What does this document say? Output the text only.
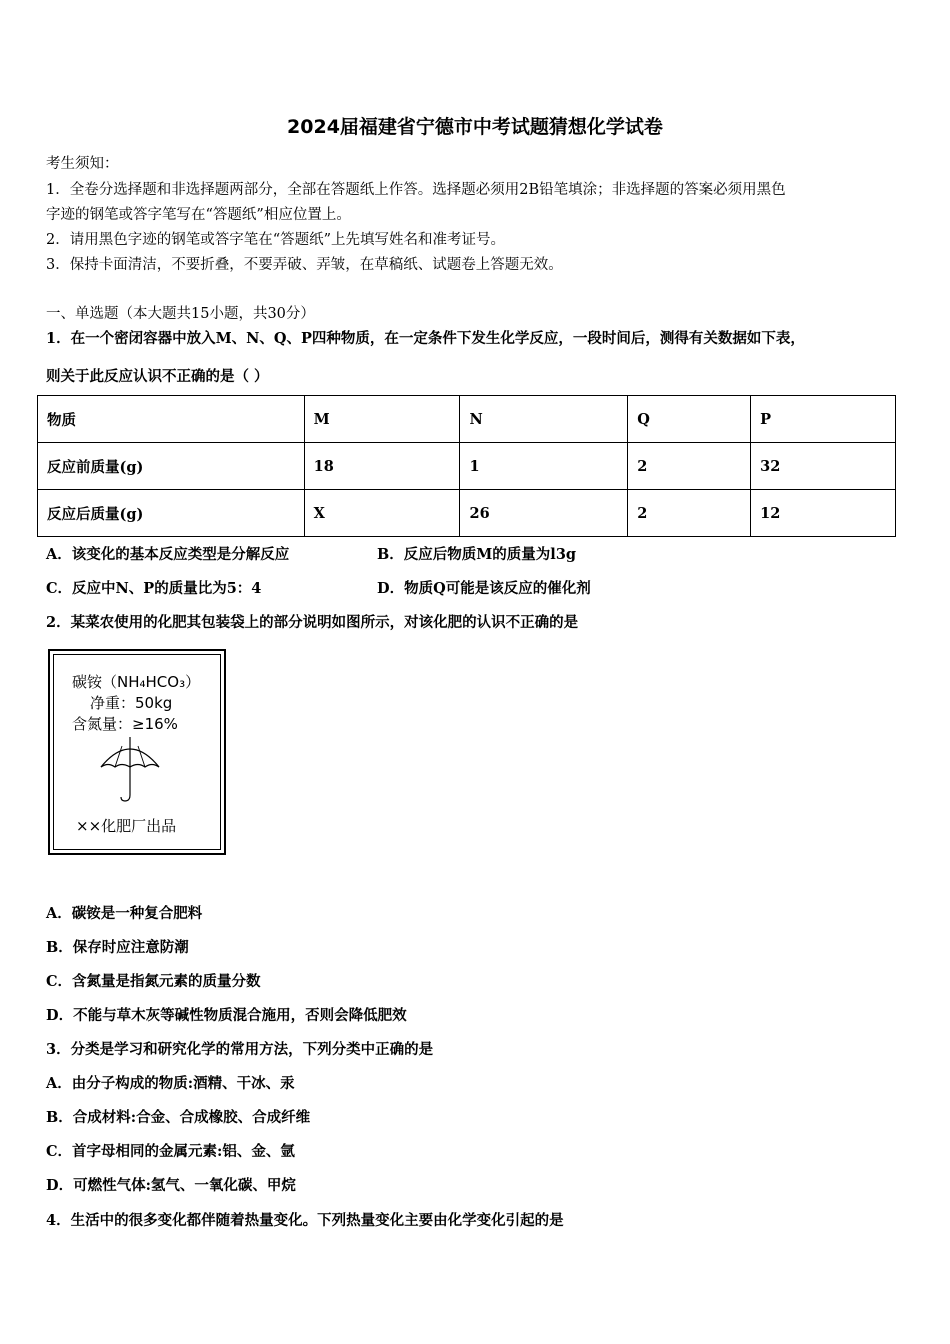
2024届福建省宁德市中考试题猜想化学试卷
考生须知：
1．全卷分选择题和非选择题两部分，全部在答题纸上作答。选择题必须用2B铅笔填涂；非选择题的答案必须用黑色
字迹的钢笔或答字笔写在“答题纸”相应位置上。
2．请用黑色字迹的钢笔或答字笔在“答题纸”上先填写姓名和准考证号。
3．保持卡面清洁，不要折叠，不要弄破、弄皱，在草稿纸、试题卷上答题无效。
一、单选题（本大题共15小题，共30分）
1．在一个密闭容器中放入M、N、Q、P四种物质，在一定条件下发生化学反应，一段时间后，测得有关数据如下表，
则关于此反应认识不正确的是（ ）
物质	M	N	Q	P
反应前质量(g)	18	1	2	32
反应后质量(g)	X	26	2	12
A．该变化的基本反应类型是分解反应	B．反应后物质M的质量为l3g
C．反应中N、P的质量比为5：4	D．物质Q可能是该反应的催化剂
2．某菜农使用的化肥其包装袋上的部分说明如图所示，对该化肥的认识不正确的是
碳铵（NH₄HCO₃）
净重：50kg
含氮量：≥16%
××化肥厂出品
A．碳铵是一种复合肥料
B．保存时应注意防潮
C．含氮量是指氮元素的质量分数
D．不能与草木灰等碱性物质混合施用，否则会降低肥效
3．分类是学习和研究化学的常用方法，下列分类中正确的是
A．由分子构成的物质:酒精、干冰、汞
B．合成材料:合金、合成橡胶、合成纤维
C．首字母相同的金属元素:铝、金、氩
D．可燃性气体:氢气、一氧化碳、甲烷
4．生活中的很多变化都伴随着热量变化。下列热量变化主要由化学变化引起的是
